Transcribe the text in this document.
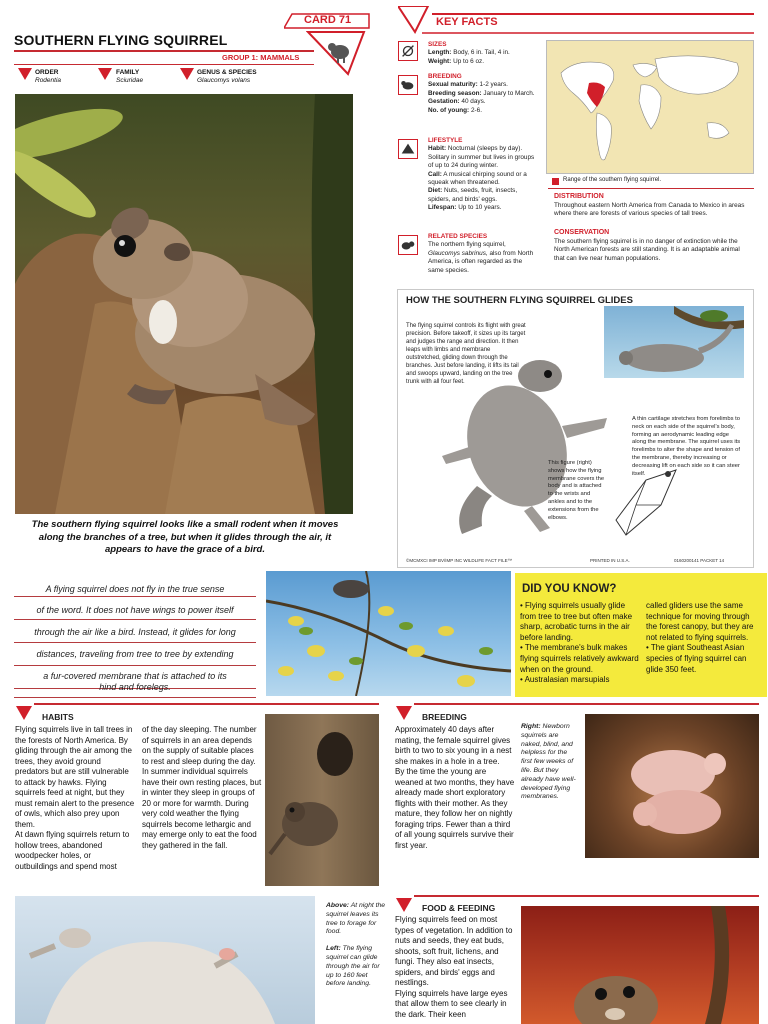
CARD 71
SOUTHERN FLYING SQUIRREL
GROUP 1: MAMMALS
ORDER
Rodentia
FAMILY
Sciuridae
GENUS & SPECIES
Glaucomys volans
The southern flying squirrel looks like a small rodent when it moves along the branches of a tree, but when it glides through the air, it appears to have the grace of a bird.
KEY FACTS
SIZES
Length: Body, 6 in. Tail, 4 in.
Weight: Up to 6 oz.
BREEDING
Sexual maturity: 1-2 years.
Breeding season: January to March.
Gestation: 40 days.
No. of young: 2-6.
LIFESTYLE
Habit: Nocturnal (sleeps by day). Solitary in summer but lives in groups of up to 24 during winter.
Call: A musical chirping sound or a squeak when threatened.
Diet: Nuts, seeds, fruit, insects, spiders, and birds' eggs.
Lifespan: Up to 10 years.
RELATED SPECIES
The northern flying squirrel, Glaucomys sabrinus, also from North America, is often regarded as the same species.
Range of the southern flying squirrel.
DISTRIBUTION
Throughout eastern North America from Canada to Mexico in areas where there are forests of various species of tall trees.
CONSERVATION
The southern flying squirrel is in no danger of extinction while the North American forests are still standing. It is an adaptable animal that can live near human populations.
HOW THE SOUTHERN FLYING SQUIRREL GLIDES
The flying squirrel controls its flight with great precision. Before takeoff, it sizes up its target and judges the range and direction. It then leaps with limbs and membrane outstretched, gliding down through the branches. Just before landing, it lifts its tail and swoops upward, landing on the tree trunk with all four feet.
A thin cartilage stretches from forelimbs to neck on each side of the squirrel's body, forming an aerodynamic leading edge along the membrane. The squirrel uses its forelimbs to alter the shape and tension of the membrane, thereby increasing or decreasing lift on each side so it can steer itself.
This figure (right) shows how the flying membrane covers the body and is attached to the wrists and ankles and to the extensions from the elbows.
©MCMXCI IMP BV/IMP INC WILDLIFE FACT FILE™	PRINTED IN U.S.A.	0160200141 PACKET 14
A flying squirrel does not fly in the true sense
of the word. It does not have wings to power itself
through the air like a bird. Instead, it glides for long
distances, traveling from tree to tree by extending
a fur-covered membrane that is attached to its
hind and forelegs.
DID YOU KNOW?
• Flying squirrels usually glide from tree to tree but often make sharp, acrobatic turns in the air before landing.
• The membrane's bulk makes flying squirrels relatively awkward when on the ground.
• Australasian marsupials
called gliders use the same technique for moving through the forest canopy, but they are not related to flying squirrels.
• The giant Southeast Asian species of flying squirrel can glide 350 feet.
HABITS
Flying squirrels live in tall trees in the forests of North America. By gliding through the air among the trees, they avoid ground predators but are still vulnerable to attack by hawks. Flying squirrels feed at night, but they must remain alert to the presence of owls, which also prey upon them.
At dawn flying squirrels return to hollow trees, abandoned woodpecker holes, or outbuildings and spend most
of the day sleeping. The number of squirrels in an area depends on the supply of suitable places to rest and sleep during the day.
In summer individual squirrels have their own resting places, but in winter they sleep in groups of 20 or more for warmth. During very cold weather the flying squirrels become lethargic and may emerge only to eat the food they gathered in the fall.
BREEDING
Approximately 40 days after mating, the female squirrel gives birth to two to six young in a nest she makes in a hole in a tree.
By the time the young are weaned at two months, they have already made short exploratory flights with their mother. As they mature, they follow her on nightly foraging trips. Fewer than a third of all young squirrels survive their first year.
Right: Newborn squirrels are naked, blind, and helpless for the first few weeks of life. But they already have well-developed flying membranes.
Above: At night the squirrel leaves its tree to forage for food.
Left: The flying squirrel can glide through the air for up to 160 feet before landing.
FOOD & FEEDING
Flying squirrels feed on most types of vegetation. In addition to nuts and seeds, they eat buds, shoots, soft fruit, lichens, and fungi. They also eat insects, spiders, and birds' eggs and nestlings.
Flying squirrels have large eyes that allow them to see clearly in the dark. Their keen
